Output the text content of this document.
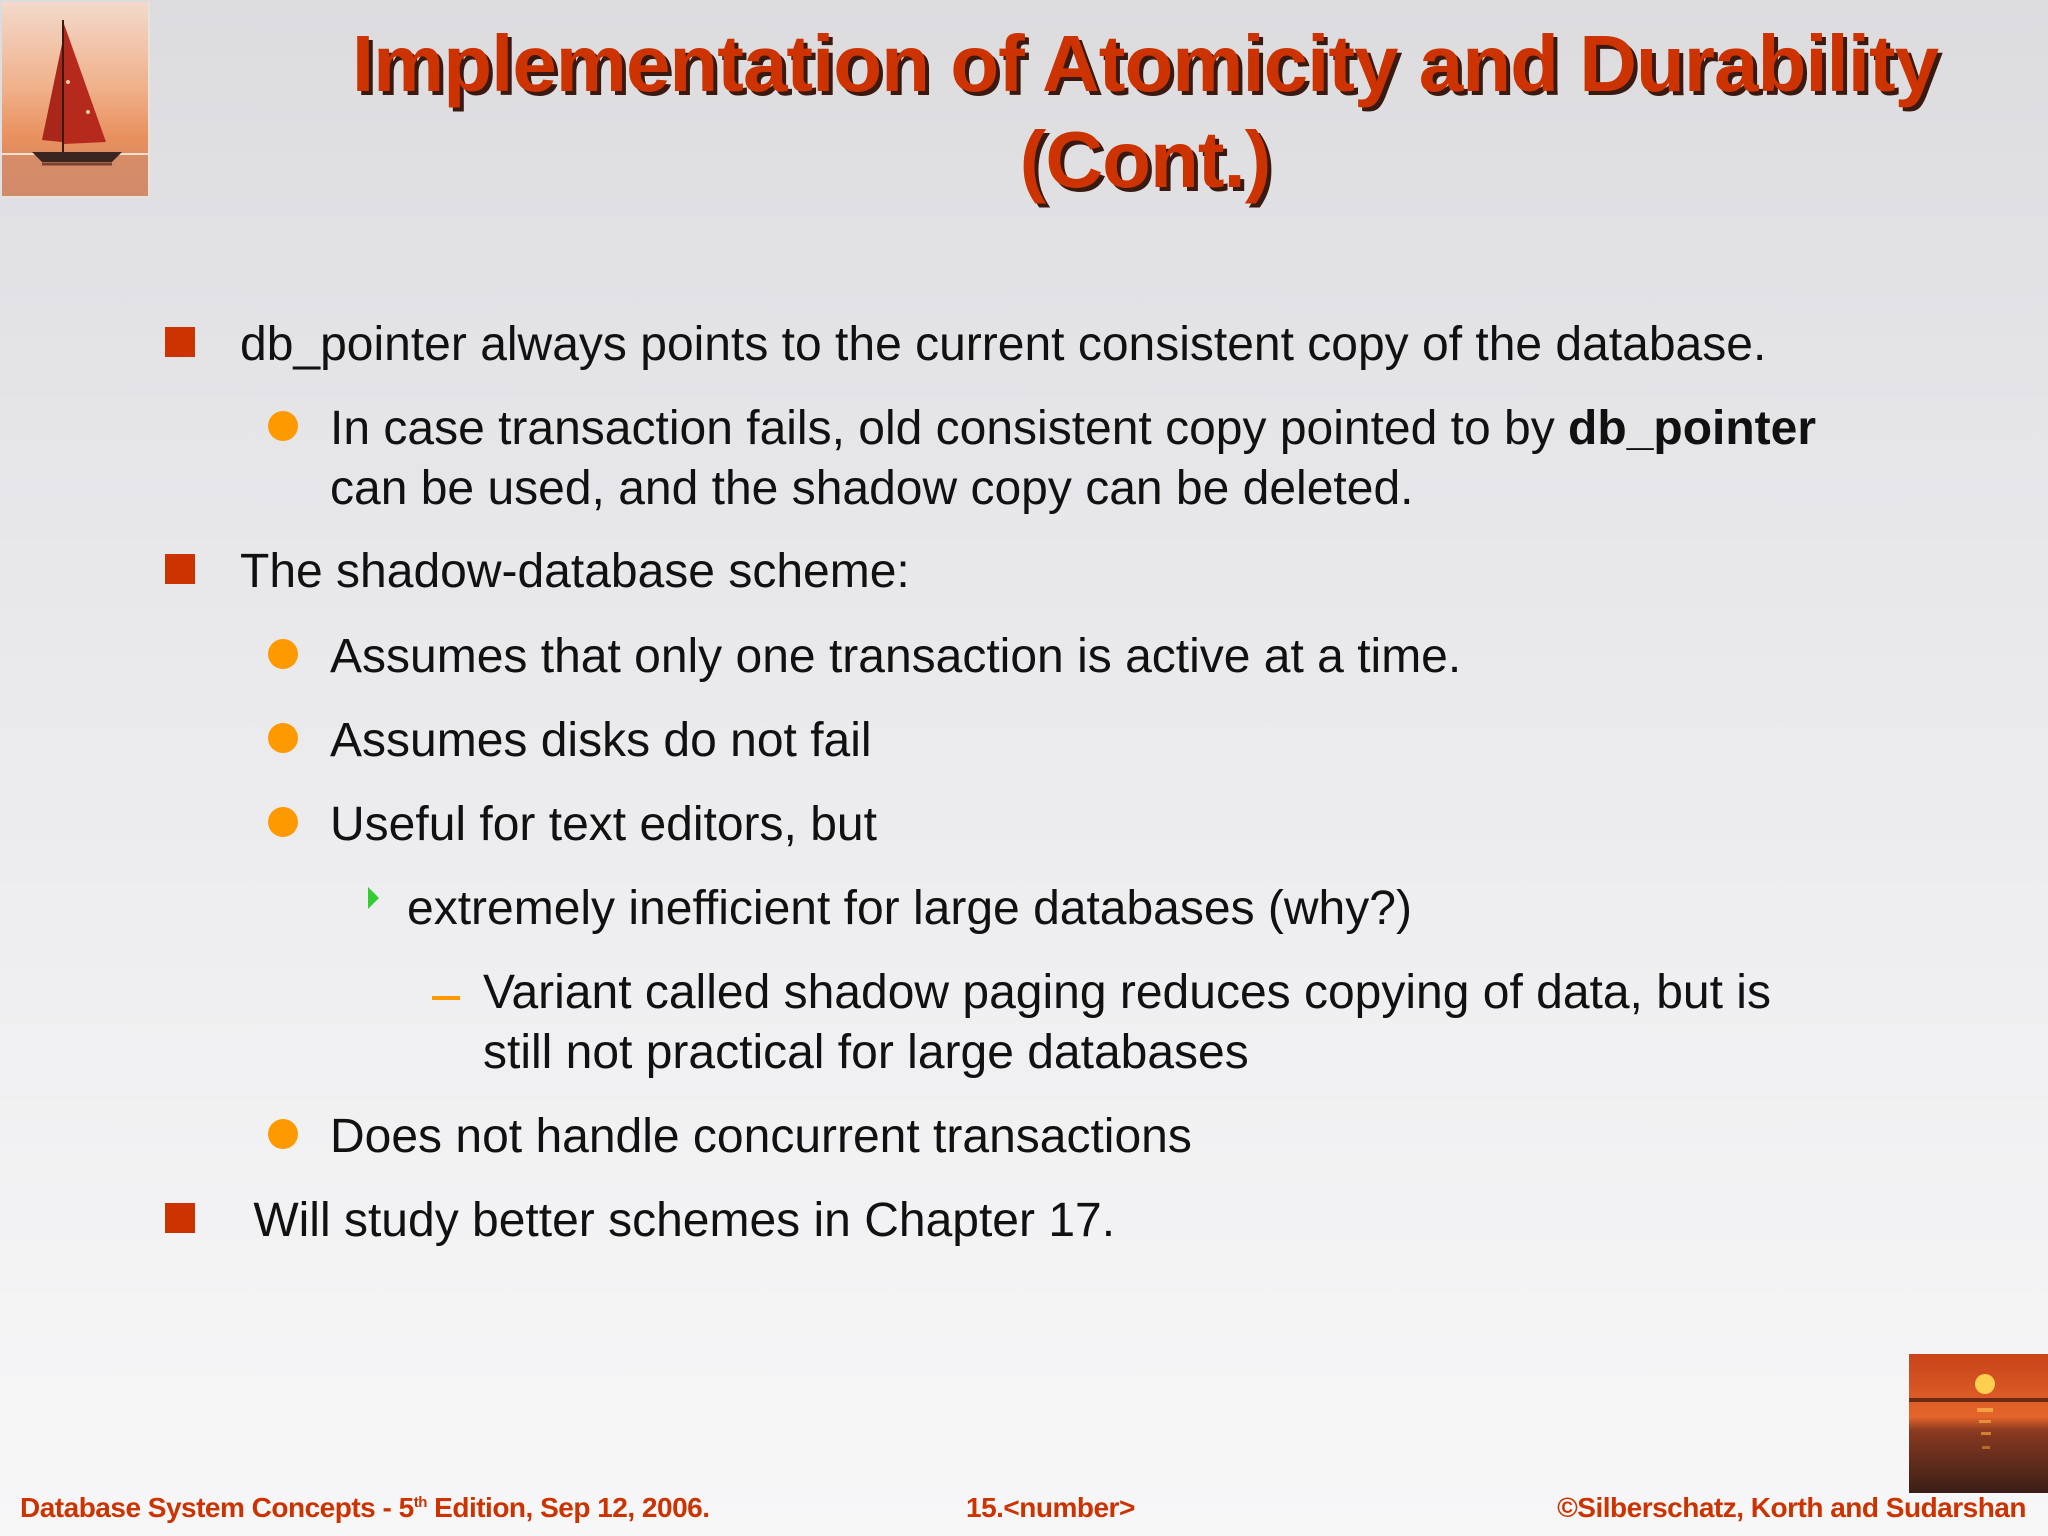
Implementation of Atomicity and Durability
(Cont.)
db_pointer always points to the current consistent copy of the database.
In case transaction fails, old consistent copy pointed to by db_pointer
can be used, and the shadow copy can be deleted.
The shadow-database scheme:
Assumes that only one transaction is active at a time.
Assumes disks do not fail
Useful for text editors, but
extremely inefficient for large databases (why?)
Variant called shadow paging reduces copying of data, but is
still not practical for large databases
Does not handle concurrent transactions
Will study better schemes in Chapter 17.
Database System Concepts - 5th Edition, Sep 12, 2006.	15.<number>	©Silberschatz, Korth and Sudarshan
